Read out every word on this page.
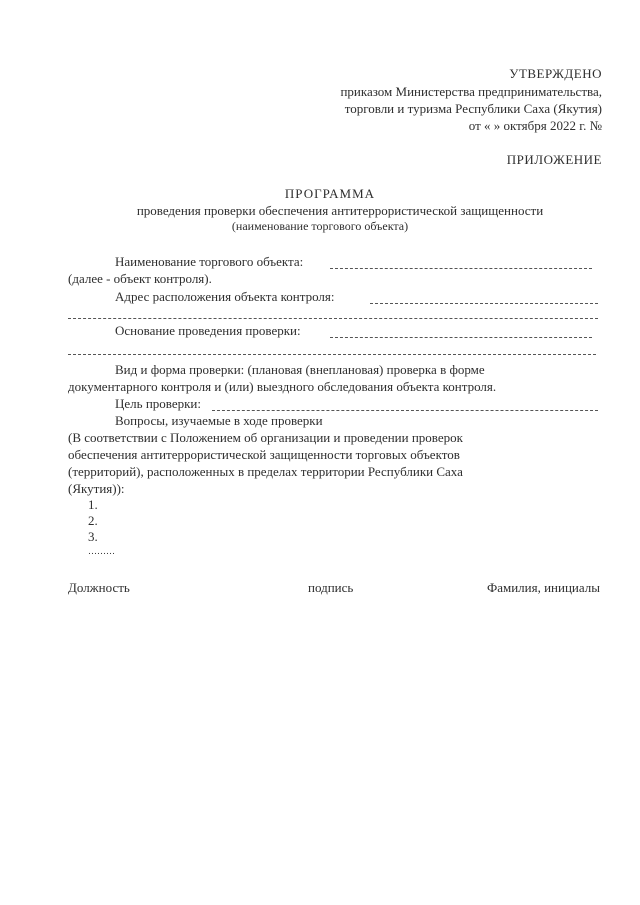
УТВЕРЖДЕНО
приказом Министерства предпринимательства,
торговли и туризма Республики Саха (Якутия)
от « » октября 2022 г. №
ПРИЛОЖЕНИЕ
ПРОГРАММА
проведения проверки обеспечения антитеррористической защищенности
(наименование торгового объекта)
Наименование торгового объекта:
(далее - объект контроля).
Адрес расположения объекта контроля:
Основание проведения проверки:
Вид и форма проверки: (плановая (внеплановая) проверка в форме
документарного контроля и (или) выездного обследования объекта контроля.
Цель проверки:
Вопросы, изучаемые в ходе проверки
(В соответствии с Положением об организации и проведении проверок
обеспечения антитеррористической защищенности торговых объектов
(территорий), расположенных в пределах территории Республики Саха
(Якутия)):
1.
2.
3.
………
Должность	подпись	Фамилия, инициалы
